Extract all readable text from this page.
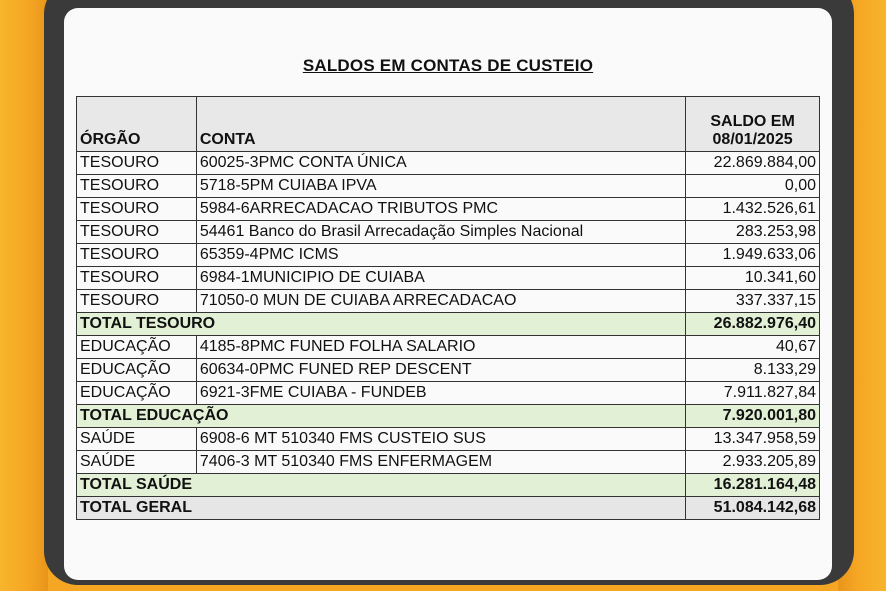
SALDOS EM CONTAS DE CUSTEIO
ÓRGÃO	CONTA	SALDO EM
08/01/2025
TESOURO	60025-3PMC CONTA ÚNICA	22.869.884,00
TESOURO	5718-5PM CUIABA IPVA	0,00
TESOURO	5984-6ARRECADACAO TRIBUTOS PMC	1.432.526,61
TESOURO	54461 Banco do Brasil Arrecadação Simples Nacional	283.253,98
TESOURO	65359-4PMC ICMS	1.949.633,06
TESOURO	6984-1MUNICIPIO DE CUIABA	10.341,60
TESOURO	71050-0 MUN DE CUIABA ARRECADACAO	337.337,15
TOTAL TESOURO		26.882.976,40
EDUCAÇÃO	4185-8PMC FUNED FOLHA SALARIO	40,67
EDUCAÇÃO	60634-0PMC FUNED REP DESCENT	8.133,29
EDUCAÇÃO	6921-3FME CUIABA - FUNDEB	7.911.827,84
TOTAL EDUCAÇÃO		7.920.001,80
SAÚDE	6908-6 MT 510340 FMS CUSTEIO SUS	13.347.958,59
SAÚDE	7406-3 MT 510340 FMS ENFERMAGEM	2.933.205,89
TOTAL SAÚDE		16.281.164,48
TOTAL GERAL		51.084.142,68
